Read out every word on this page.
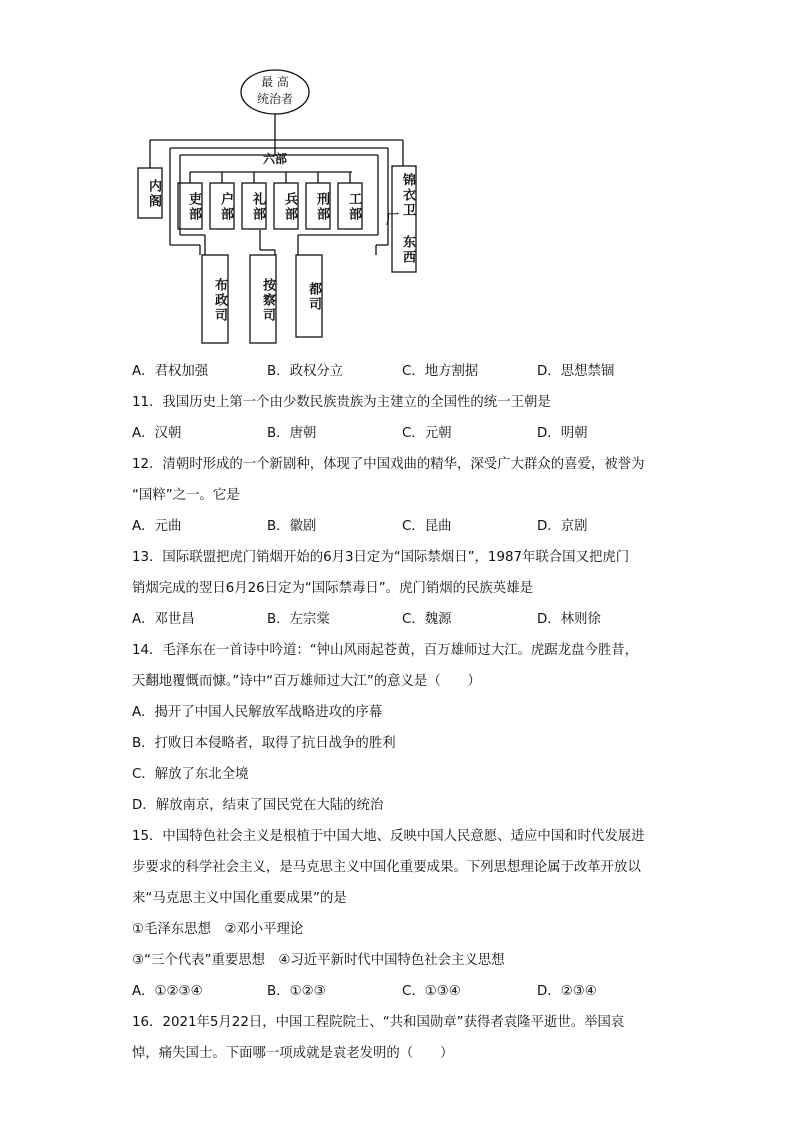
最 高
统治者
六部
内阁	吏部	户部	礼部	兵部	刑部	工部	锦衣卫 东西厂
布政司	按察司	都司
A．君权加强	B．政权分立	C．地方割据	D．思想禁锢
11．我国历史上第一个由少数民族贵族为主建立的全国性的统一王朝是
A．汉朝	B．唐朝	C．元朝	D．明朝
12．清朝时形成的一个新剧种，体现了中国戏曲的精华，深受广大群众的喜爱，被誉为
“国粹”之一。它是
A．元曲	B．徽剧	C．昆曲	D．京剧
13．国际联盟把虎门销烟开始的6月3日定为“国际禁烟日”，1987年联合国又把虎门
销烟完成的翌日6月26日定为“国际禁毒日”。虎门销烟的民族英雄是
A．邓世昌	B．左宗棠	C．魏源	D．林则徐
14．毛泽东在一首诗中吟道：“钟山风雨起苍黄，百万雄师过大江。虎踞龙盘今胜昔，
天翻地覆慨而慷。”诗中“百万雄师过大江”的意义是（　　）
A．揭开了中国人民解放军战略进攻的序幕
B．打败日本侵略者，取得了抗日战争的胜利
C．解放了东北全境
D．解放南京，结束了国民党在大陆的统治
15．中国特色社会主义是根植于中国大地、反映中国人民意愿、适应中国和时代发展进
步要求的科学社会主义，是马克思主义中国化重要成果。下列思想理论属于改革开放以
来“马克思主义中国化重要成果”的是
①毛泽东思想　②邓小平理论
③“三个代表”重要思想　④习近平新时代中国特色社会主义思想
A．①②③④	B．①②③	C．①③④	D．②③④
16．2021年5月22日，中国工程院院士、“共和国勋章”获得者袁隆平逝世。举国哀
悼，痛失国士。下面哪一项成就是袁老发明的（　　）
